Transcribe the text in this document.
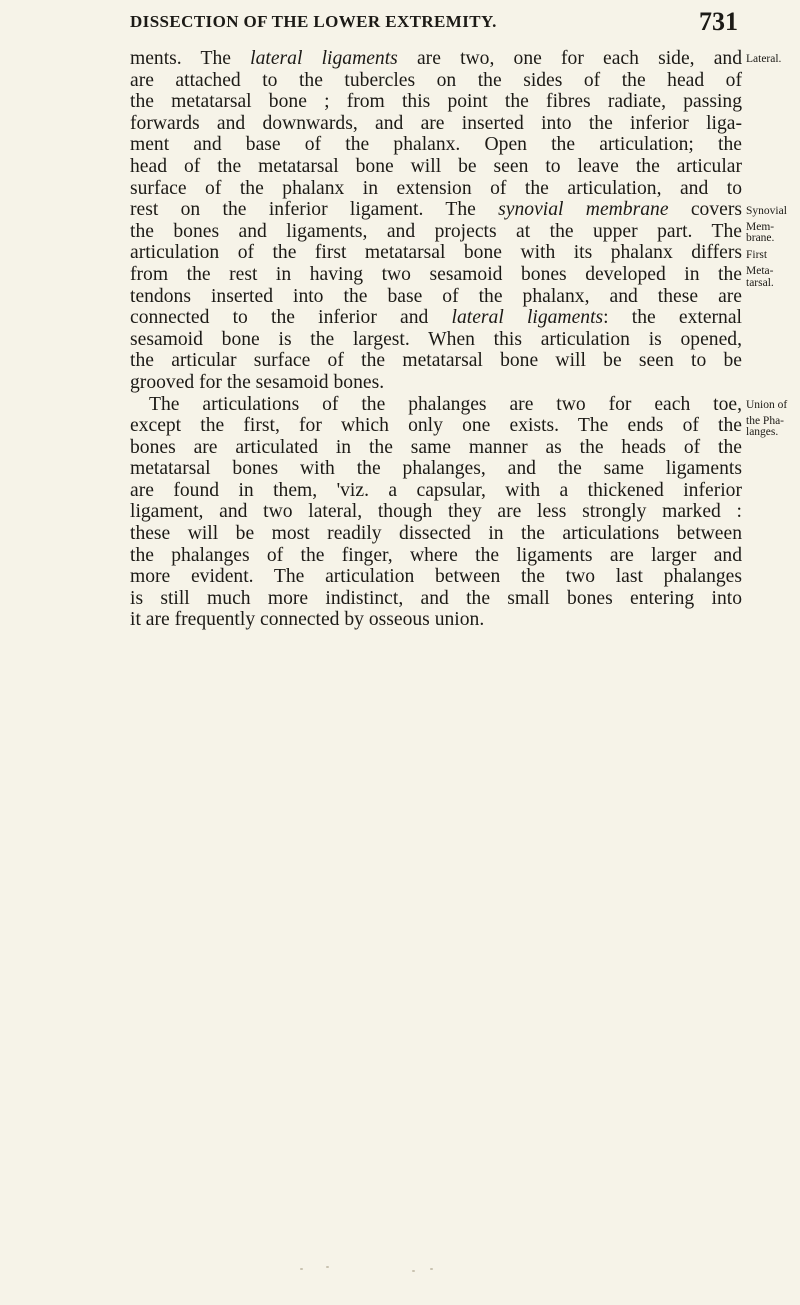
DISSECTION OF THE LOWER EXTREMITY.	731
ments. The lateral ligaments are two, one for each side, and
are attached to the tubercles on the sides of the head of
the metatarsal bone ; from this point the fibres radiate, passing
forwards and downwards, and are inserted into the inferior liga-
ment and base of the phalanx. Open the articulation; the
head of the metatarsal bone will be seen to leave the articular
surface of the phalanx in extension of the articulation, and to
rest on the inferior ligament. The synovial membrane covers
the bones and ligaments, and projects at the upper part. The
articulation of the first metatarsal bone with its phalanx differs
from the rest in having two sesamoid bones developed in the
tendons inserted into the base of the phalanx, and these are
connected to the inferior and lateral ligaments: the external
sesamoid bone is the largest. When this articulation is opened,
the articular surface of the metatarsal bone will be seen to be
grooved for the sesamoid bones.
The articulations of the phalanges are two for each toe,
except the first, for which only one exists. The ends of the
bones are articulated in the same manner as the heads of the
metatarsal bones with the phalanges, and the same ligaments
are found in them, 'viz. a capsular, with a thickened inferior
ligament, and two lateral, though they are less strongly marked :
these will be most readily dissected in the articulations between
the phalanges of the finger, where the ligaments are larger and
more evident. The articulation between the two last phalanges
is still much more indistinct, and the small bones entering into
it are frequently connected by osseous union.
Lateral.
Synovial
Mem-
brane.
First
Meta-
tarsal.
Union of
the Pha-
langes.
